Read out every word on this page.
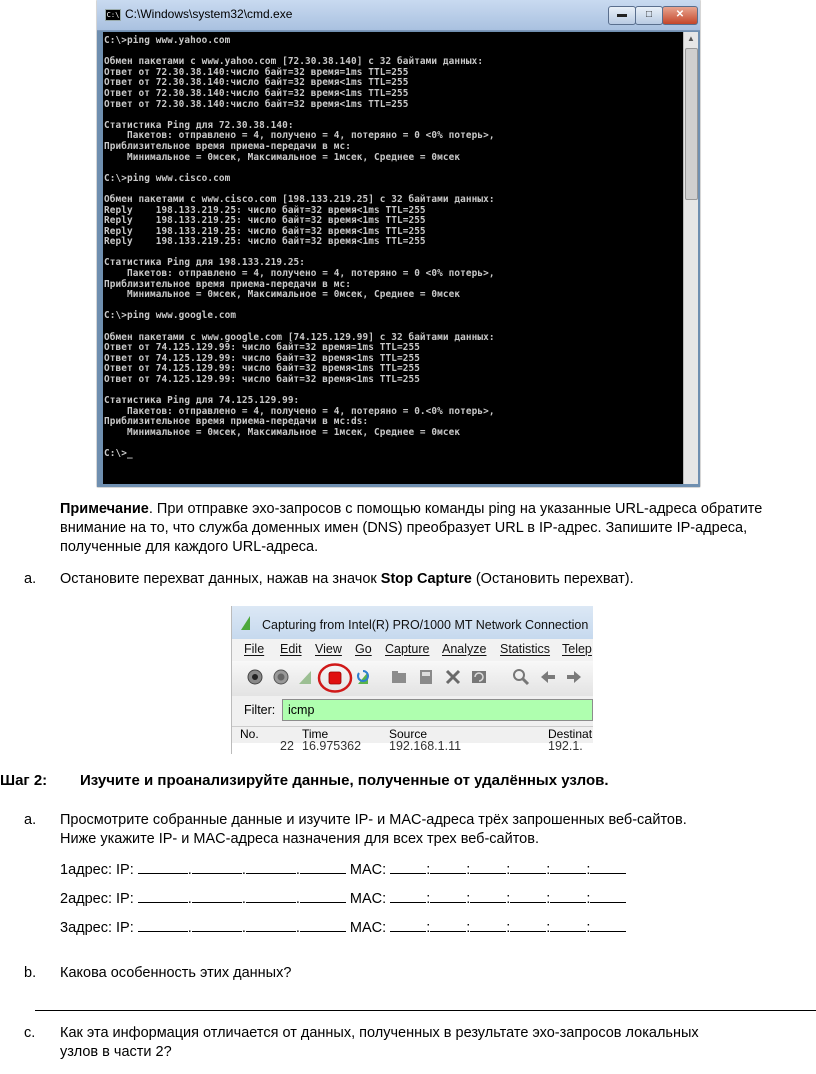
C:\ C:\Windows\system32\cmd.exe	▬	□	✕
C:\>ping www.yahoo.com

Обмен пакетами с www.yahoo.com [72.30.38.140] с 32 байтами данных:
Ответ от 72.30.38.140:число байт=32 время=1ms TTL=255
Ответ от 72.30.38.140:число байт=32 время<1ms TTL=255
Ответ от 72.30.38.140:число байт=32 время<1ms TTL=255
Ответ от 72.30.38.140:число байт=32 время<1ms TTL=255

Статистика Ping для 72.30.38.140:
Пакетов: отправлено = 4, получено = 4, потеряно = 0 <0% потерь>,
Приблизительное время приема-передачи в мс:
Минимальное = 0мсек, Максимальное = 1мсек, Среднее = 0мсек

C:\>ping www.cisco.com

Обмен пакетами с www.cisco.com [198.133.219.25] с 32 байтами данных:
Reply    198.133.219.25: число байт=32 время<1ms TTL=255
Reply    198.133.219.25: число байт=32 время<1ms TTL=255
Reply    198.133.219.25: число байт=32 время<1ms TTL=255
Reply    198.133.219.25: число байт=32 время<1ms TTL=255

Статистика Ping для 198.133.219.25:
Пакетов: отправлено = 4, получено = 4, потеряно = 0 <0% потерь>,
Приблизительное время приема-передачи в мс:
Минимальное = 0мсек, Максимальное = 0мсек, Среднее = 0мсек

C:\>ping www.google.com

Обмен пакетами с www.google.com [74.125.129.99] с 32 байтами данных:
Ответ от 74.125.129.99: число байт=32 время=1ms TTL=255
Ответ от 74.125.129.99: число байт=32 время<1ms TTL=255
Ответ от 74.125.129.99: число байт=32 время<1ms TTL=255
Ответ от 74.125.129.99: число байт=32 время<1ms TTL=255

Статистика Ping для 74.125.129.99:
Пакетов: отправлено = 4, получено = 4, потеряно = 0.<0% потерь>,
Приблизительное время приема-передачи в мс:ds:
Минимальное = 0мсек, Максимальное = 1мсек, Среднее = 0мсек

C:\>_
▲
Примечание. При отправке эхо-запросов с помощью команды ping на указанные URL-адреса обратите внимание на то, что служба доменных имен (DNS) преобразует URL в IP-адрес. Запишите IP-адреса, полученные для каждого URL-адреса.
a. Остановите перехват данных, нажав на значок Stop Capture (Остановить перехват).
Capturing from Intel(R) PRO/1000 MT Network Connection
File Edit View Go Capture Analyze Statistics Telep
Filter:	icmp
No.	Time	Source	Destinat
22 16.975362 192.168.1.11	192.1.
Шаг 2: Изучите и проанализируйте данные, полученные от удалённых узлов.
a. Просмотрите собранные данные и изучите IP- и MAC-адреса трёх запрошенных веб-сайтов.
Ниже укажите IP- и MAC-адреса назначения для всех трех веб-сайтов.
1адрес: IP:	.	.	.	MAC:	: : : : :
2адрес: IP:	.	.	.	MAC:	: : : : :
3адрес: IP:	.	.	.	MAC:	: : : : :
b. Какова особенность этих данных?
c. Как эта информация отличается от данных, полученных в результате эхо-запросов локальных
узлов в части 2?
